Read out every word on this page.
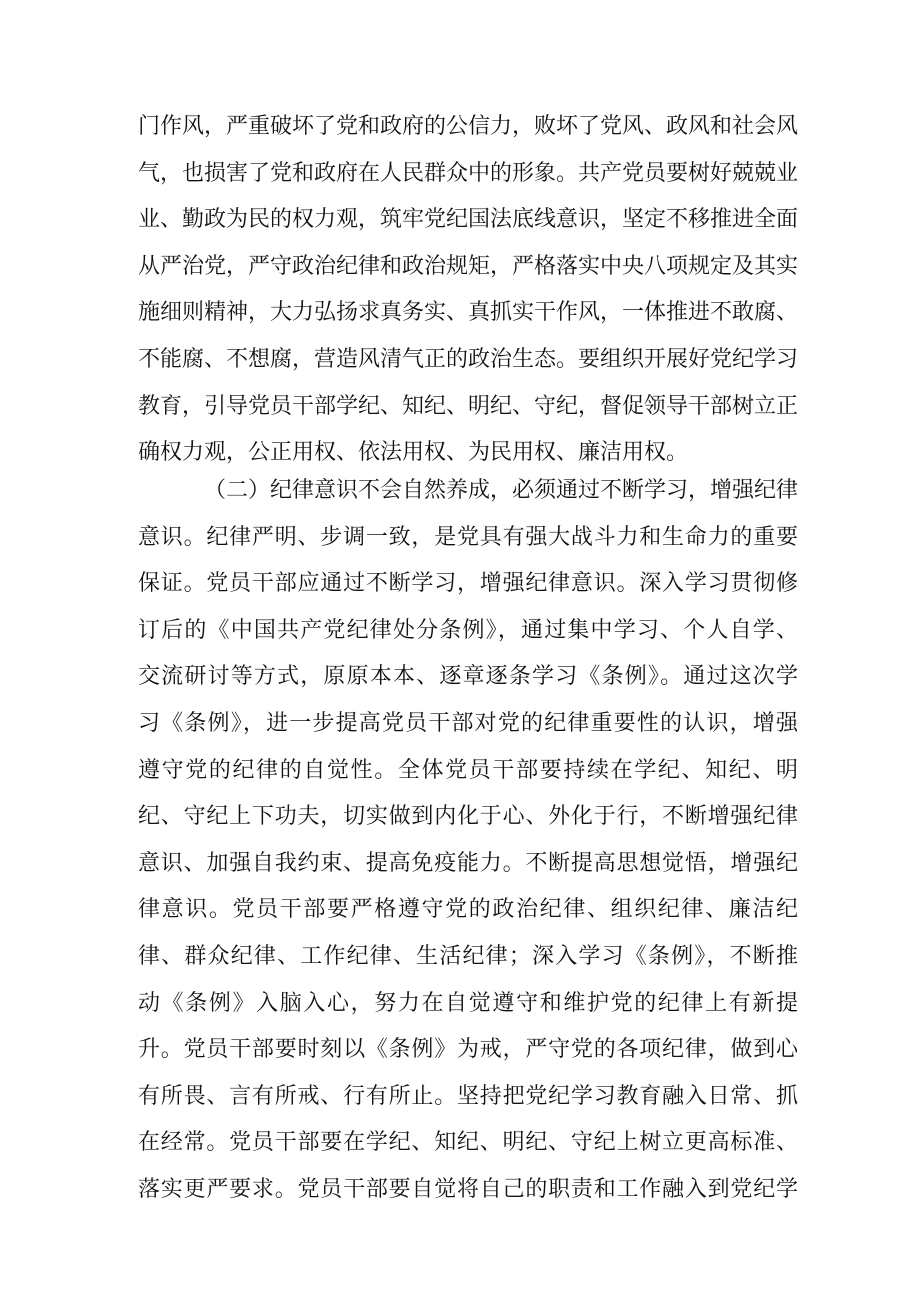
门作风，严重破坏了党和政府的公信力，败坏了党风、政风和社会风
气，也损害了党和政府在人民群众中的形象。共产党员要树好兢兢业
业、勤政为民的权力观，筑牢党纪国法底线意识，坚定不移推进全面
从严治党，严守政治纪律和政治规矩，严格落实中央八项规定及其实
施细则精神，大力弘扬求真务实、真抓实干作风，一体推进不敢腐、
不能腐、不想腐，营造风清气正的政治生态。要组织开展好党纪学习
教育，引导党员干部学纪、知纪、明纪、守纪，督促领导干部树立正
确权力观，公正用权、依法用权、为民用权、廉洁用权。
（二）纪律意识不会自然养成，必须通过不断学习，增强纪律
意识。纪律严明、步调一致，是党具有强大战斗力和生命力的重要
保证。党员干部应通过不断学习，增强纪律意识。深入学习贯彻修
订后的《中国共产党纪律处分条例》，通过集中学习、个人自学、
交流研讨等方式，原原本本、逐章逐条学习《条例》。通过这次学
习《条例》，进一步提高党员干部对党的纪律重要性的认识，增强
遵守党的纪律的自觉性。全体党员干部要持续在学纪、知纪、明
纪、守纪上下功夫，切实做到内化于心、外化于行，不断增强纪律
意识、加强自我约束、提高免疫能力。不断提高思想觉悟，增强纪
律意识。党员干部要严格遵守党的政治纪律、组织纪律、廉洁纪
律、群众纪律、工作纪律、生活纪律；深入学习《条例》，不断推
动《条例》入脑入心，努力在自觉遵守和维护党的纪律上有新提
升。党员干部要时刻以《条例》为戒，严守党的各项纪律，做到心
有所畏、言有所戒、行有所止。坚持把党纪学习教育融入日常、抓
在经常。党员干部要在学纪、知纪、明纪、守纪上树立更高标准、
落实更严要求。党员干部要自觉将自己的职责和工作融入到党纪学
